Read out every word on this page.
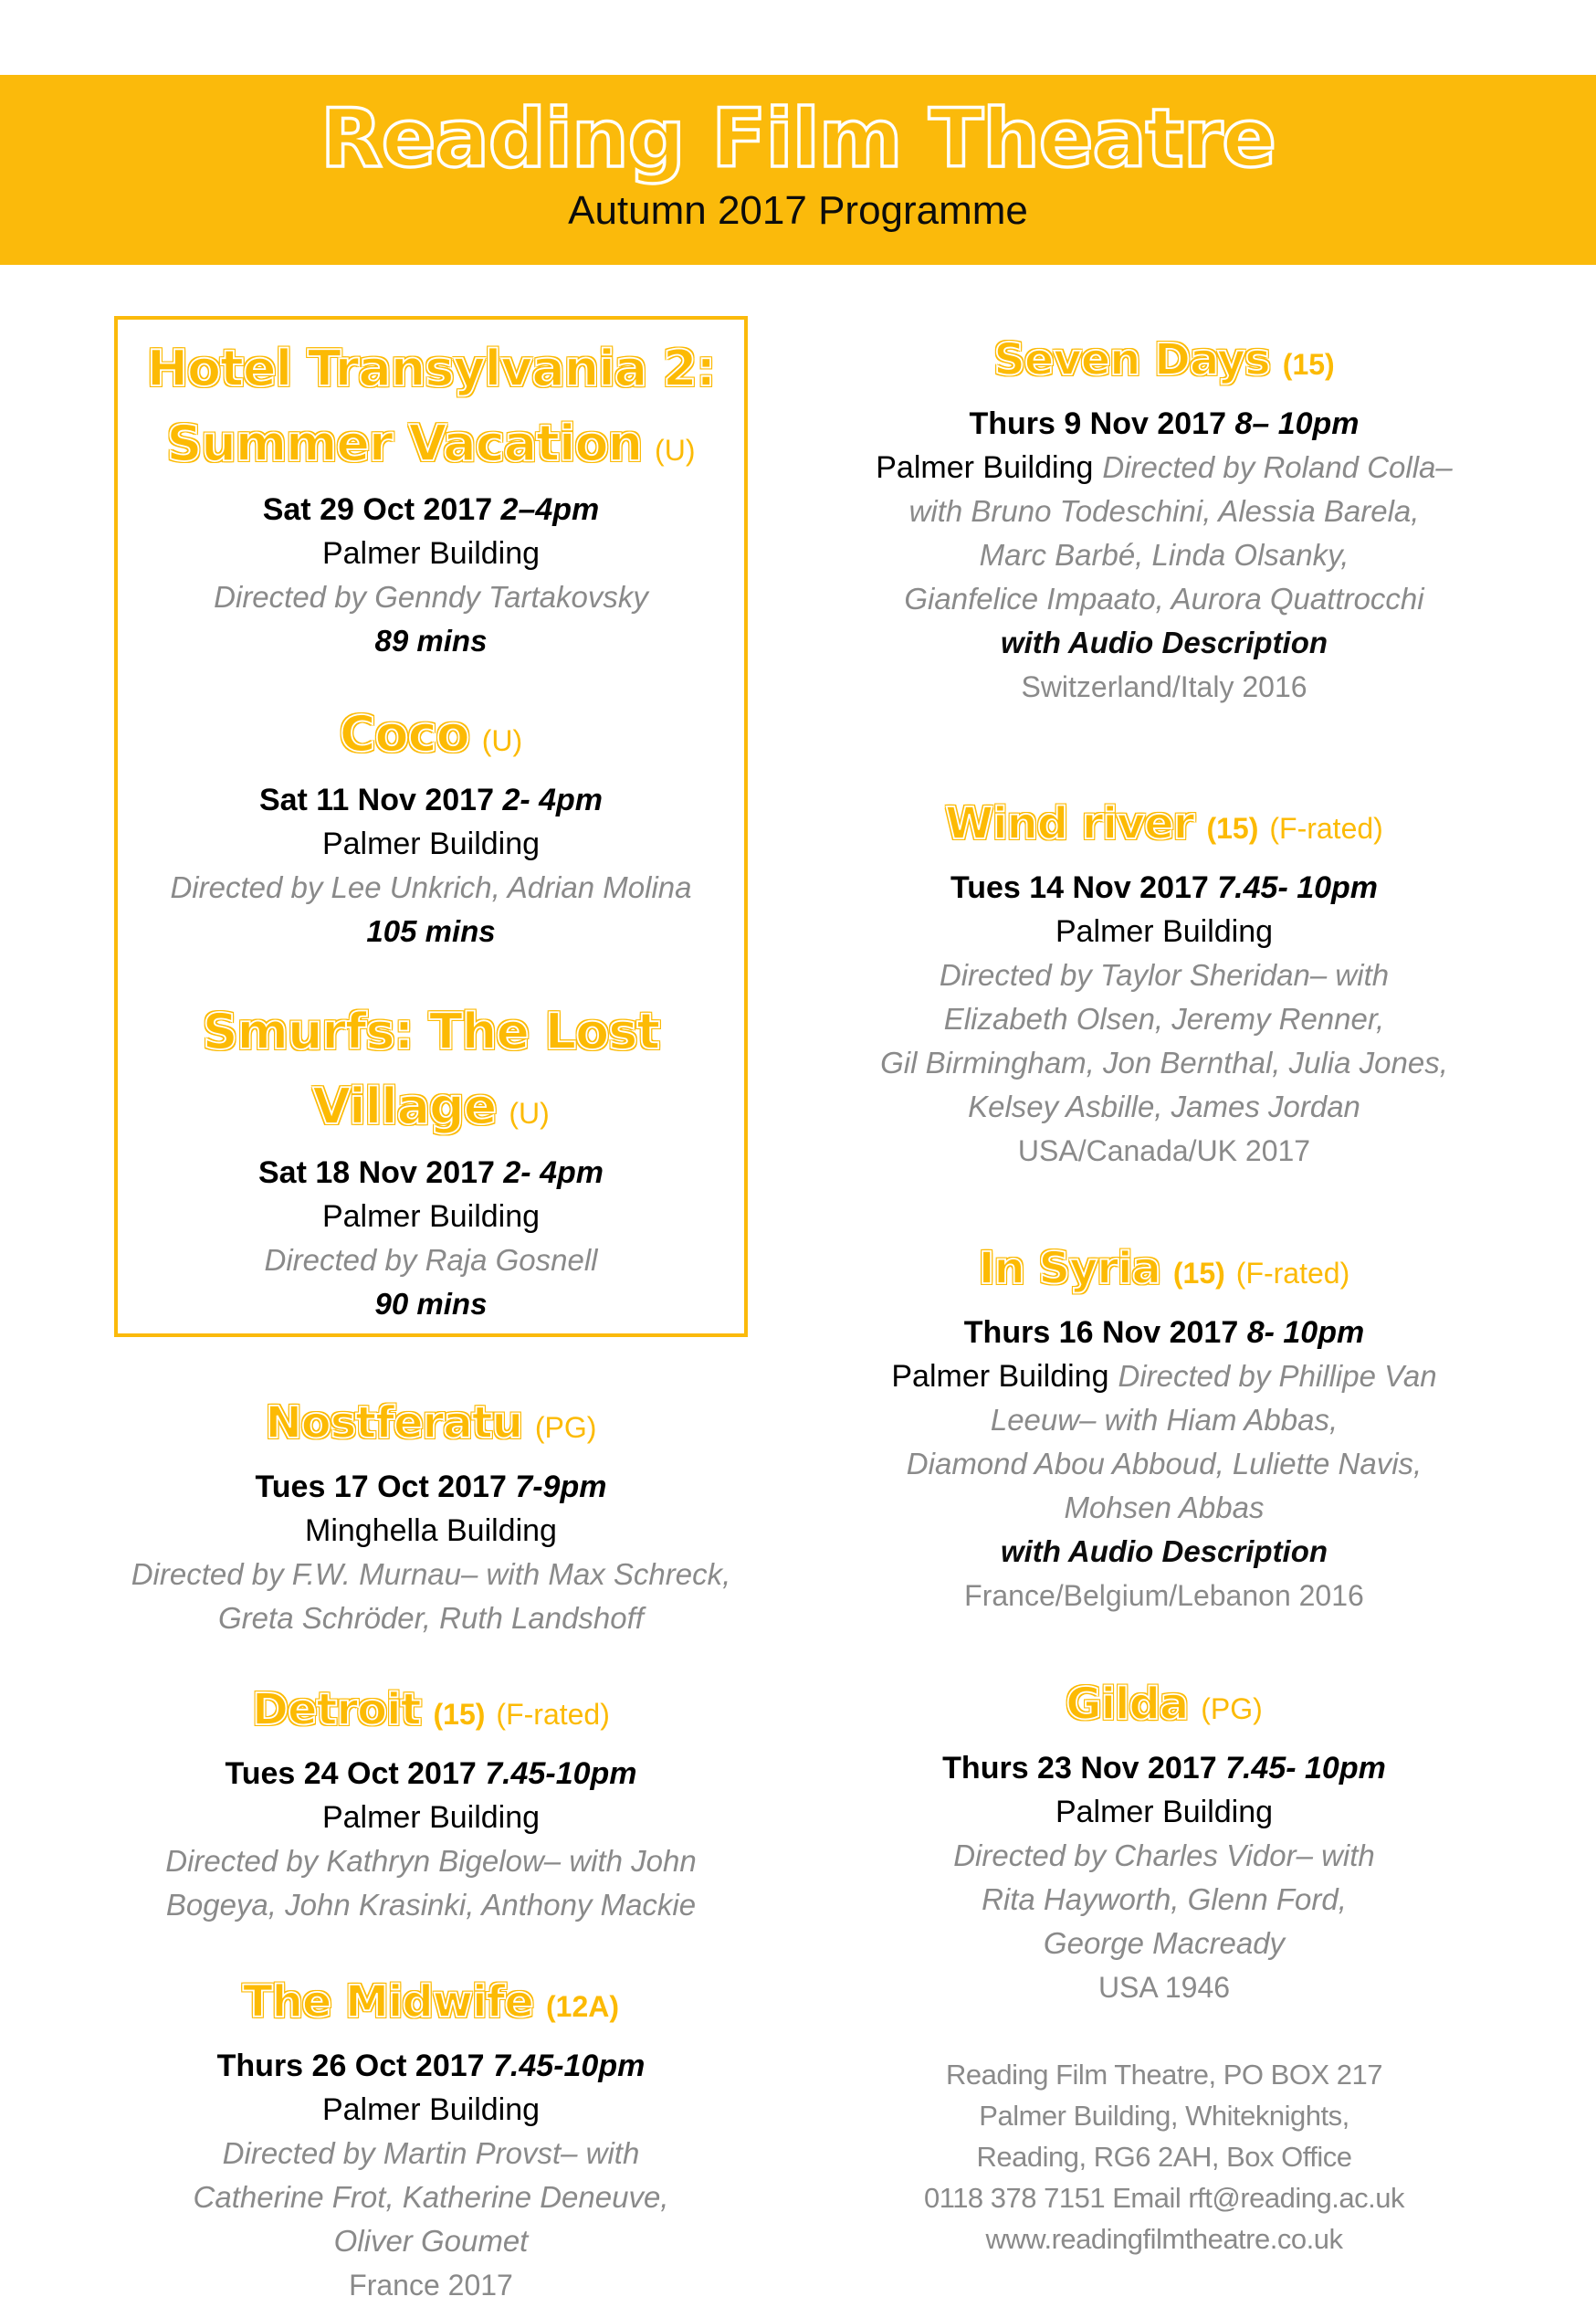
Reading Film Theatre
Autumn 2017 Programme
Hotel Transylvania 2:
Summer Vacation (U)
Sat 29 Oct 2017 2–4pm
Palmer Building
Directed by Genndy Tartakovsky
89 mins
Coco (U)
Sat 11 Nov 2017 2- 4pm
Palmer Building
Directed by Lee Unkrich, Adrian Molina
105 mins
Smurfs: The Lost
Village (U)
Sat 18 Nov 2017 2- 4pm
Palmer Building
Directed by Raja Gosnell
90 mins
Nostferatu (PG)
Tues 17 Oct 2017 7-9pm
Minghella Building
Directed by F.W. Murnau– with Max Schreck,
Greta Schröder, Ruth Landshoff
Detroit (15) (F-rated)
Tues 24 Oct 2017 7.45-10pm
Palmer Building
Directed by Kathryn Bigelow– with John
Bogeya, John Krasinki, Anthony Mackie
The Midwife (12A)
Thurs 26 Oct 2017 7.45-10pm
Palmer Building
Directed by Martin Provst– with
Catherine Frot, Katherine Deneuve,
Oliver Goumet
France 2017
Seven Days (15)
Thurs 9 Nov 2017 8– 10pm
Palmer Building Directed by Roland Colla–
with Bruno Todeschini, Alessia Barela,
Marc Barbé, Linda Olsanky,
Gianfelice Impaato, Aurora Quattrocchi
with Audio Description
Switzerland/Italy 2016
Wind river (15) (F-rated)
Tues 14 Nov 2017 7.45- 10pm
Palmer Building
Directed by Taylor Sheridan– with
Elizabeth Olsen, Jeremy Renner,
Gil Birmingham, Jon Bernthal, Julia Jones,
Kelsey Asbille, James Jordan
USA/Canada/UK 2017
In Syria (15) (F-rated)
Thurs 16 Nov 2017 8- 10pm
Palmer Building Directed by Phillipe Van
Leeuw– with Hiam Abbas,
Diamond Abou Abboud, Luliette Navis,
Mohsen Abbas
with Audio Description
France/Belgium/Lebanon 2016
Gilda (PG)
Thurs 23 Nov 2017 7.45- 10pm
Palmer Building
Directed by Charles Vidor– with
Rita Hayworth, Glenn Ford,
George Macready
USA 1946
Reading Film Theatre, PO BOX 217
Palmer Building, Whiteknights,
Reading, RG6 2AH, Box Office
0118 378 7151 Email rft@reading.ac.uk
www.readingfilmtheatre.co.uk
